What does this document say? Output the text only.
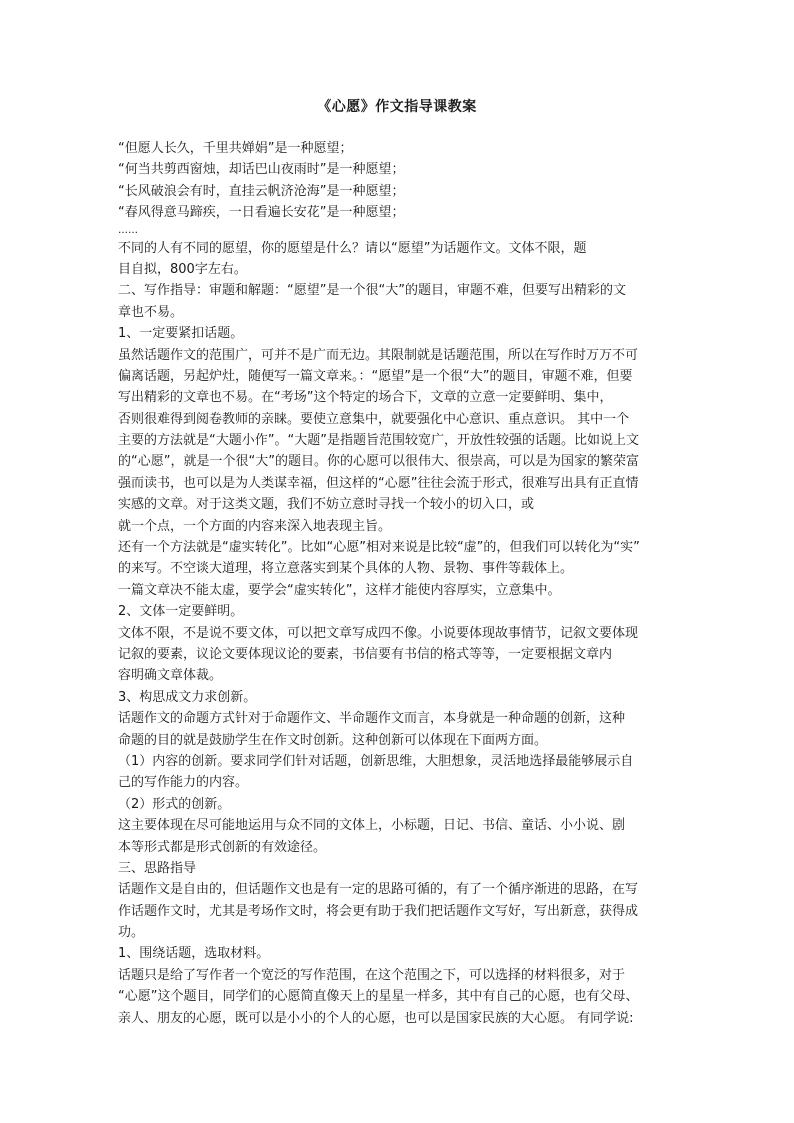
《心愿》作文指导课教案
“但愿人长久，千里共婵娟”是一种愿望；
“何当共剪西窗烛，却话巴山夜雨时”是一种愿望；
“长风破浪会有时，直挂云帆济沧海”是一种愿望；
“春风得意马蹄疾，一日看遍长安花”是一种愿望；
……
不同的人有不同的愿望，你的愿望是什么？请以“愿望”为话题作文。文体不限，题
目自拟，800字左右。
二、写作指导：审题和解题：“愿望”是一个很“大”的题目，审题不难，但要写出精彩的文
章也不易。
1、一定要紧扣话题。
虽然话题作文的范围广，可并不是广而无边。其限制就是话题范围，所以在写作时万万不可
偏离话题，另起炉灶，随便写一篇文章来。：“愿望”是一个很“大”的题目，审题不难，但要
写出精彩的文章也不易。在“考场”这个特定的场合下，文章的立意一定要鲜明、集中，
否则很难得到阅卷教师的亲睐。要使立意集中，就要强化中心意识、重点意识。 其中一个
主要的方法就是“大题小作”。“大题”是指题旨范围较宽广，开放性较强的话题。比如说上文
的“心愿”，就是一个很“大”的题目。你的心愿可以很伟大、很崇高，可以是为国家的繁荣富
强而读书，也可以是为人类谋幸福，但这样的“心愿”往往会流于形式，很难写出具有正直情
实感的文章。对于这类文题，我们不妨立意时寻找一个较小的切入口，或
就一个点，一个方面的内容来深入地表现主旨。
还有一个方法就是“虚实转化”。比如“心愿”相对来说是比较“虚”的，但我们可以转化为“实”
的来写。不空谈大道理，将立意落实到某个具体的人物、景物、事件等载体上。
一篇文章决不能太虚，要学会“虚实转化”，这样才能使内容厚实，立意集中。
2、文体一定要鲜明。
文体不限，不是说不要文体，可以把文章写成四不像。小说要体现故事情节，记叙文要体现
记叙的要素，议论文要体现议论的要素，书信要有书信的格式等等，一定要根据文章内
容明确文章体裁。
3、构思成文力求创新。
话题作文的命题方式针对于命题作文、半命题作文而言，本身就是一种命题的创新，这种
命题的目的就是鼓励学生在作文时创新。这种创新可以体现在下面两方面。
（1）内容的创新。要求同学们针对话题，创新思维，大胆想象，灵活地选择最能够展示自
己的写作能力的内容。
（2）形式的创新。
这主要体现在尽可能地运用与众不同的文体上，小标题，日记、书信、童话、小小说、剧
本等形式都是形式创新的有效途径。
三、思路指导
话题作文是自由的，但话题作文也是有一定的思路可循的，有了一个循序渐进的思路，在写
作话题作文时，尤其是考场作文时，将会更有助于我们把话题作文写好，写出新意，获得成
功。
1、围绕话题，选取材料。
话题只是给了写作者一个宽泛的写作范围，在这个范围之下，可以选择的材料很多，对于
“心愿”这个题目，同学们的心愿简直像天上的星星一样多，其中有自己的心愿，也有父母、
亲人、朋友的心愿，既可以是小小的个人的心愿，也可以是国家民族的大心愿。 有同学说:
